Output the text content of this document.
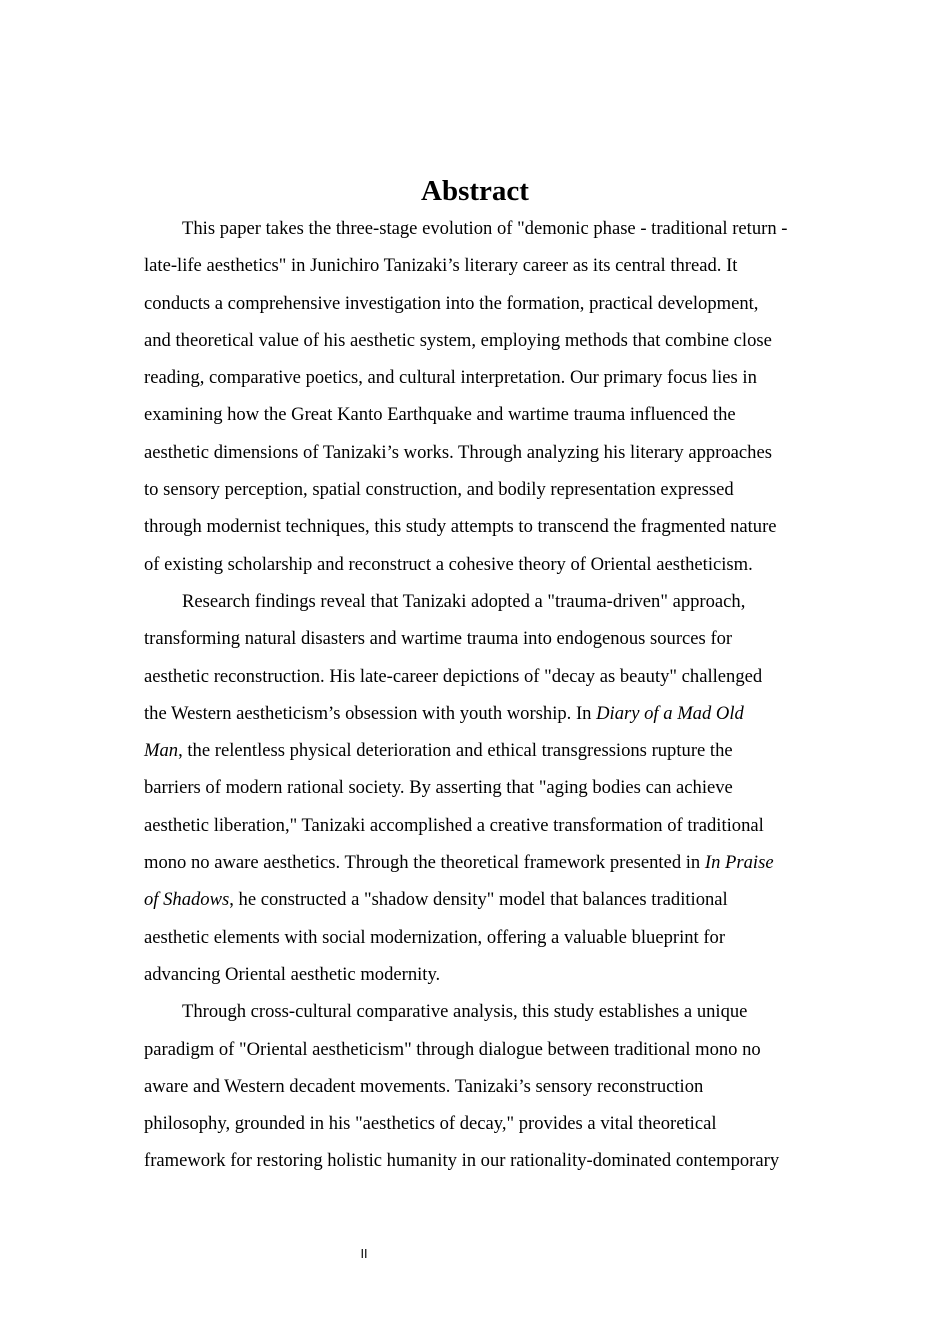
Abstract

This paper takes the three-stage evolution of "demonic phase - traditional return -
late-life aesthetics" in Junichiro Tanizaki’s literary career as its central thread. It
conducts a comprehensive investigation into the formation, practical development,
and theoretical value of his aesthetic system, employing methods that combine close
reading, comparative poetics, and cultural interpretation. Our primary focus lies in
examining how the Great Kanto Earthquake and wartime trauma influenced the
aesthetic dimensions of Tanizaki’s works. Through analyzing his literary approaches
to sensory perception, spatial construction, and bodily representation expressed
through modernist techniques, this study attempts to transcend the fragmented nature
of existing scholarship and reconstruct a cohesive theory of Oriental aestheticism.

Research findings reveal that Tanizaki adopted a "trauma-driven" approach,
transforming natural disasters and wartime trauma into endogenous sources for
aesthetic reconstruction. His late-career depictions of "decay as beauty" challenged
the Western aestheticism’s obsession with youth worship. In Diary of a Mad Old
Man, the relentless physical deterioration and ethical transgressions rupture the
barriers of modern rational society. By asserting that "aging bodies can achieve
aesthetic liberation," Tanizaki accomplished a creative transformation of traditional
mono no aware aesthetics. Through the theoretical framework presented in In Praise
of Shadows, he constructed a "shadow density" model that balances traditional
aesthetic elements with social modernization, offering a valuable blueprint for
advancing Oriental aesthetic modernity.

Through cross-cultural comparative analysis, this study establishes a unique
paradigm of "Oriental aestheticism" through dialogue between traditional mono no
aware and Western decadent movements. Tanizaki’s sensory reconstruction
philosophy, grounded in his "aesthetics of decay," provides a vital theoretical
framework for restoring holistic humanity in our rationality-dominated contemporary

II
